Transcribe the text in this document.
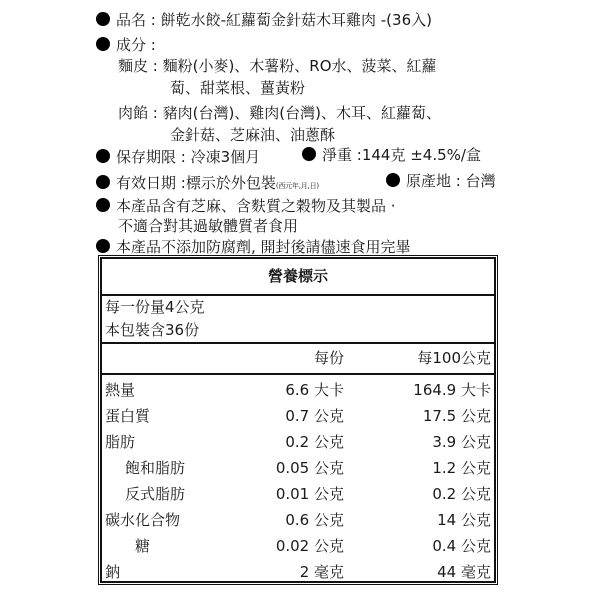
品名 : 餅乾水餃-紅蘿蔔金針菇木耳雞肉 -(36入)
成分 :
麵皮 : 麵粉(小麥)、木薯粉、RO水、菠菜、紅蘿
蔔、甜菜根、薑黃粉
肉餡 : 豬肉(台灣)、雞肉(台灣)、木耳、紅蘿蔔、
金針菇、芝麻油、油蔥酥
保存期限 : 冷凍3個月	淨重 :144克 ±4.5%/盒
有效日期 :標示於外包裝(西元年,月,日)	原產地 : 台灣
本產品含有芝麻、含麩質之穀物及其製品 ·
不適合對其過敏體質者食用
本產品不添加防腐劑, 開封後請儘速食用完畢
營養標示
每一份量4公克
本包裝含36份
每份	每100公克
熱量	6.6 大卡	164.9 大卡
蛋白質	0.7 公克	17.5 公克
脂肪	0.2 公克	3.9 公克
飽和脂肪	0.05 公克	1.2 公克
反式脂肪	0.01 公克	0.2 公克
碳水化合物	0.6 公克	14 公克
糖	0.02 公克	0.4 公克
鈉	2 毫克	44 毫克
